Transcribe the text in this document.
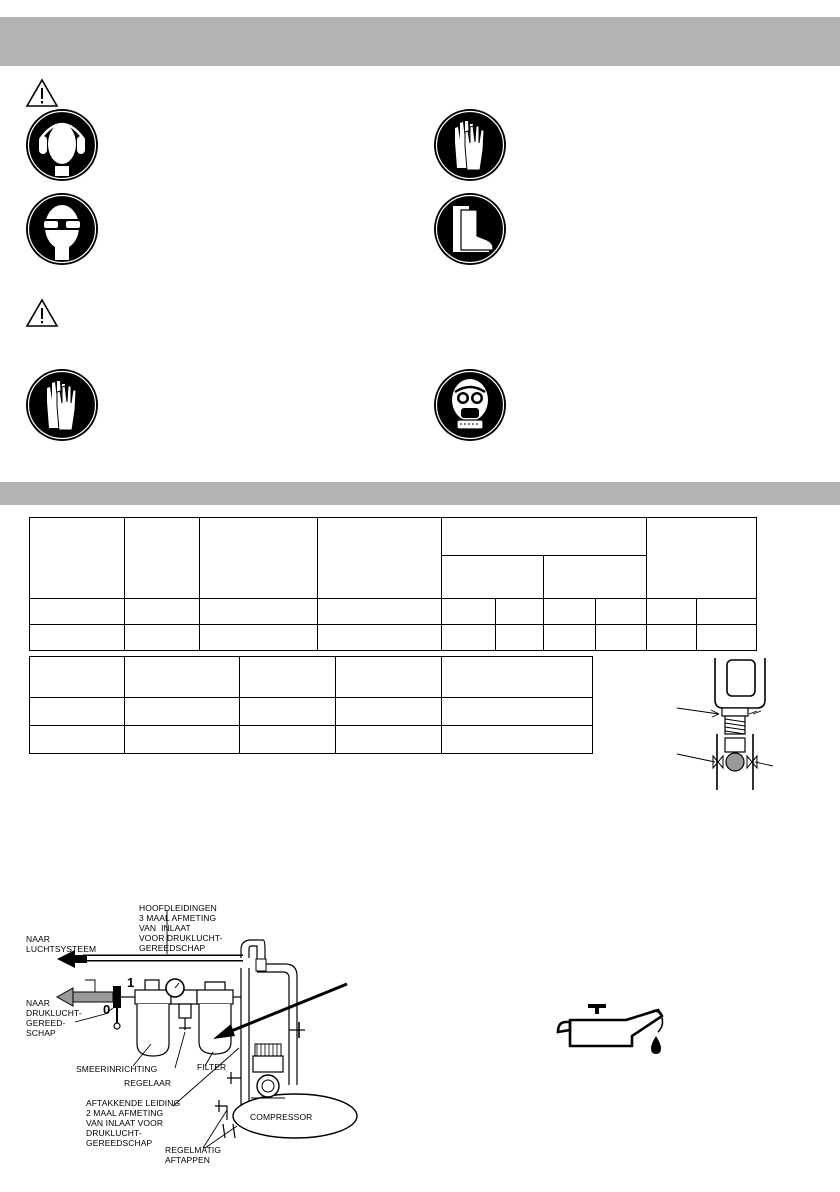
HOOFDLEIDINGEN
3 MAAL AFMETING
VAN  INLAAT
VOOR DRUKLUCHT-
GEREEDSCHAP
NAAR
LUCHTSYSTEEM
NAAR
DRUKLUCHT-
GEREED-
SCHAP
1
0
SMEERINRICHTING
REGELAAR
FILTER
AFTAKKENDE LEIDING
2 MAAL AFMETING
VAN INLAAT VOOR
DRUKLUCHT-
GEREEDSCHAP
COMPRESSOR
REGELMATIG
AFTAPPEN
